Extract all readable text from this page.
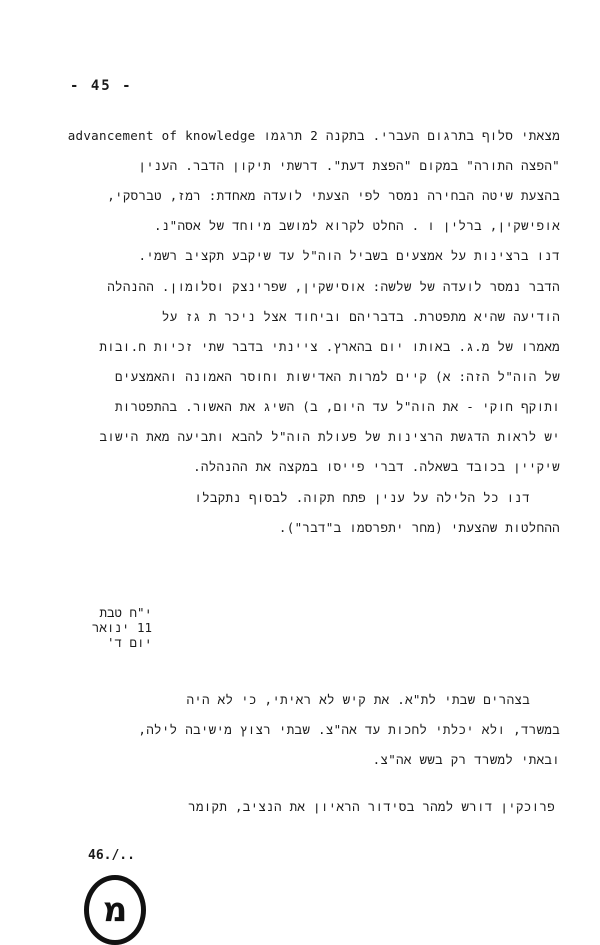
- 45 -
מצאתי סלוף בתרגום העברי. בתקנה 2 תרגמו advancement of knowledge
"הפצה התורה" במקום "הפצת דעת". דרשתי תיקון הדבר. הענין
בהצעת שיטה הבחירה נמסר לפי הצעתי לועדה מאחדת: רמז, טברסקי,
אופישקין, ברלין ו . החלט לקרוא למושב מיוחד של אסה"נ.
דנו ברצינות על אמצעים בשביל הוה"ל עד שיקבע תקציב רשמי.
הדבר נמסר לועדה של שלשה: אוסישקין, שפרינצק וסלומון. ההנהלה
הודיעה שהיא מתפטרת. בדבריהם וביחוד אצל ניכר ת גז על
מאמרו של מ.ג. באותו יום בהארץ. ציינתי בדבר שתי זכיות ח.ובות
של הוה"ל הזה: א) קיים למרות האדישות וחוסר האמונה והאמצעים
ותוקף חוקי - את הוה"ל עד היום, ב) השיג את האשור. בהתפטרות
יש לראות הדגשת הרצינות של פעולת הוה"ל להבא ותביעה מאת הישוב
שיקיין בכובד בשאלה. דברי פייסו במקצה את ההנהלה.
דנו כל הלילה על ענין פתח תקוה. לבסוף נתקבלו
ההחלטות שהצעתי (מחר יתפרסמו ב"דבר").
י"ח טבת
11 ינואר
יום ד'
בצהרים שבתי לת"א. את קיש לא ראיתי, כי לא היה
במשרד, ולא יכלתי לחכות עד אה"צ. שבתי רצוץ מישיבה לילה,
ובאתי למשרד רק בשש אה"צ.
פרוכקין דורש למהר בסידור הראיון את הנציב, תקומר
46./..
מ
